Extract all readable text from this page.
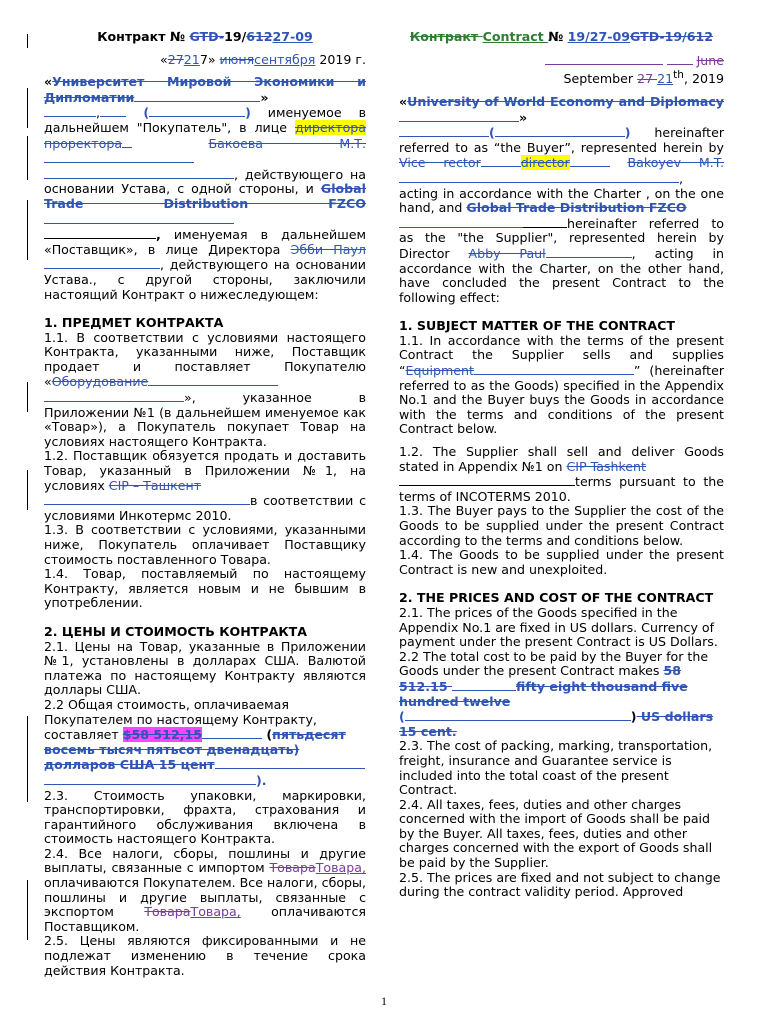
Контракт № GTD-19/61227-09

«27217» июнясентября 2019 г.

«Университет Мировой Экономики и Дипломатии	»
, (	) именуемое в дальнейшем "Покупатель", в лице директора проректора	Бакоева М.Т.
, действующего на основании Устава, с одной стороны, и Global Trade Distribution FZCO
, именуемая в дальнейшем «Поставщик», в лице Директора Эбби Паул, действующего на основании Устава., с другой стороны, заключили настоящий Контракт о нижеследующем:

1. ПРЕДМЕТ КОНТРАКТА

1.1. В соответствии с условиями настоящего Контракта, указанными ниже, Поставщик продает и поставляет Покупателю «Оборудование
», указанное в Приложении №1 (в дальнейшем именуемое как «Товар»), а Покупатель покупает Товар на условиях настоящего Контракта.

1.2. Поставщик обязуется продать и доставить Товар, указанный в Приложении №1, на условиях CIP – Ташкент
в соответствии с условиями Инкотермс 2010.

1.3. В соответствии с условиями, указанными ниже, Покупатель оплачивает Поставщику стоимость поставленного Товара.

1.4. Товар, поставляемый по настоящему Контракту, является новым и не бывшим в употреблении.

2. ЦЕНЫ И СТОИМОСТЬ КОНТРАКТА

2.1. Цены на Товар, указанные в Приложении №1, установлены в долларах США. Валютой платежа по настоящему Контракту являются доллары США.

2.2 Общая стоимость, оплачиваемая Покупателем по настоящему Контракту, составляет $58 512,15	(пятьдесят восемь тысяч пятьсот двенадцать) долларов США 15 цент
).

2.3. Стоимость упаковки, маркировки, транспортировки, фрахта, страхования и гарантийного обслуживания включена в стоимость настоящего Контракта.

2.4. Все налоги, сборы, пошлины и другие выплаты, связанные с импортом ТовараТовара, оплачиваются Покупателем. Все налоги, сборы, пошлины и другие выплаты, связанные с экспортом ТовараТовара, оплачиваются Поставщиком.

2.5. Цены являются фиксированными и не подлежат изменению в течение срока действия Контракта.

Контракт Contract № 19/27-09GTD-19/612

June
September 27 21th, 2019

«University of World Economy and Diplomacy»
(	) hereinafter referred to as “the Buyer”, represented herein by Vice rector	director	Bakoyev M.T., acting in accordance with the Charter , on the one hand, and Global Trade Distribution FZCO
hereinafter referred to as the "the Supplier", represented herein by Director Abby Paul	, acting in accordance with the Charter, on the other hand, have concluded the present Contract to the following effect:

1. SUBJECT MATTER OF THE CONTRACT

1.1. In accordance with the terms of the present Contract the Supplier sells and supplies “Equipment	” (hereinafter referred to as the Goods) specified in the Appendix No.1 and the Buyer buys the Goods in accordance with the terms and conditions of the present Contract below.

1.2. The Supplier shall sell and deliver Goods stated in Appendix №1 on CIP Tashkent
terms pursuant to the terms of INCOTERMS 2010.

1.3. The Buyer pays to the Supplier the cost of the Goods to be supplied under the present Contract according to the terms and conditions below.

1.4. The Goods to be supplied under the present Contract is new and unexploited.

2. THE PRICES AND COST OF THE CONTRACT

2.1. The prices of the Goods specified in the Appendix No.1 are fixed in US dollars. Currency of payment under the present Contract is US Dollars.

2.2 The total cost to be paid by the Buyer for the Goods under the present Contract makes 58 512.15	fifty eight thousand five hundred twelve
(	) US dollars 15 cent.

2.3. The cost of packing, marking, transportation, freight, insurance and Guarantee service is included into the total coast of the present Contract.

2.4. All taxes, fees, duties and other charges concerned with the import of Goods shall be paid by the Buyer. All taxes, fees, duties and other charges concerned with the export of Goods shall be paid by the Supplier.

2.5. The prices are fixed and not subject to change during the contract validity period. Approved

1
